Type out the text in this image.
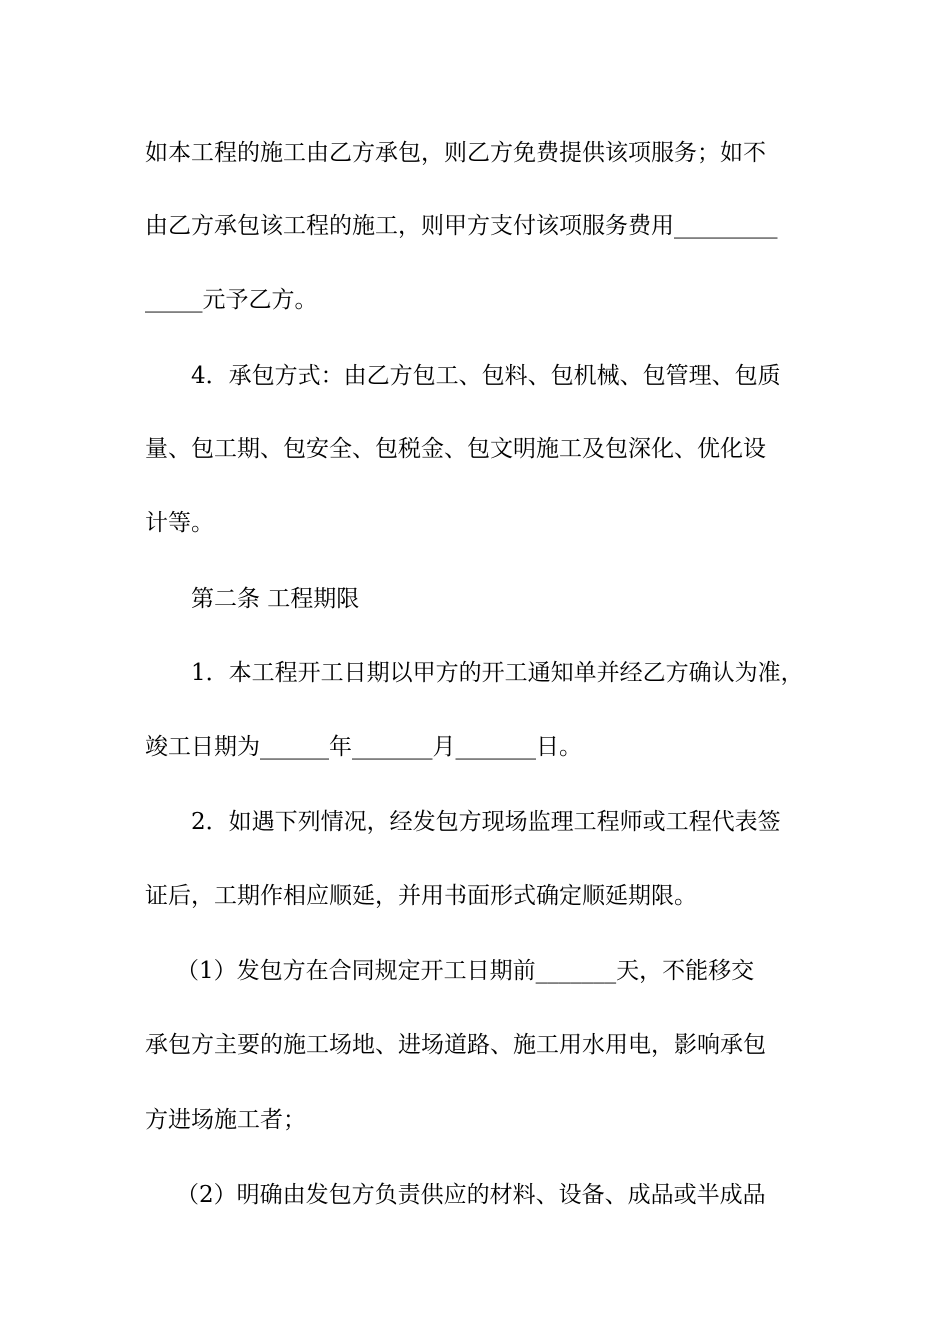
如本工程的施工由乙方承包，则乙方免费提供该项服务；如不
由乙方承包该工程的施工，则甲方支付该项服务费用_________
_____元予乙方。
4．承包方式：由乙方包工、包料、包机械、包管理、包质
量、包工期、包安全、包税金、包文明施工及包深化、优化设
计等。
第二条 工程期限
1．本工程开工日期以甲方的开工通知单并经乙方确认为准，
竣工日期为______年_______月_______日。
2．如遇下列情况，经发包方现场监理工程师或工程代表签
证后，工期作相应顺延，并用书面形式确定顺延期限。
（1）发包方在合同规定开工日期前_______天，不能移交
承包方主要的施工场地、进场道路、施工用水用电，影响承包
方进场施工者；
（2）明确由发包方负责供应的材料、设备、成品或半成品
